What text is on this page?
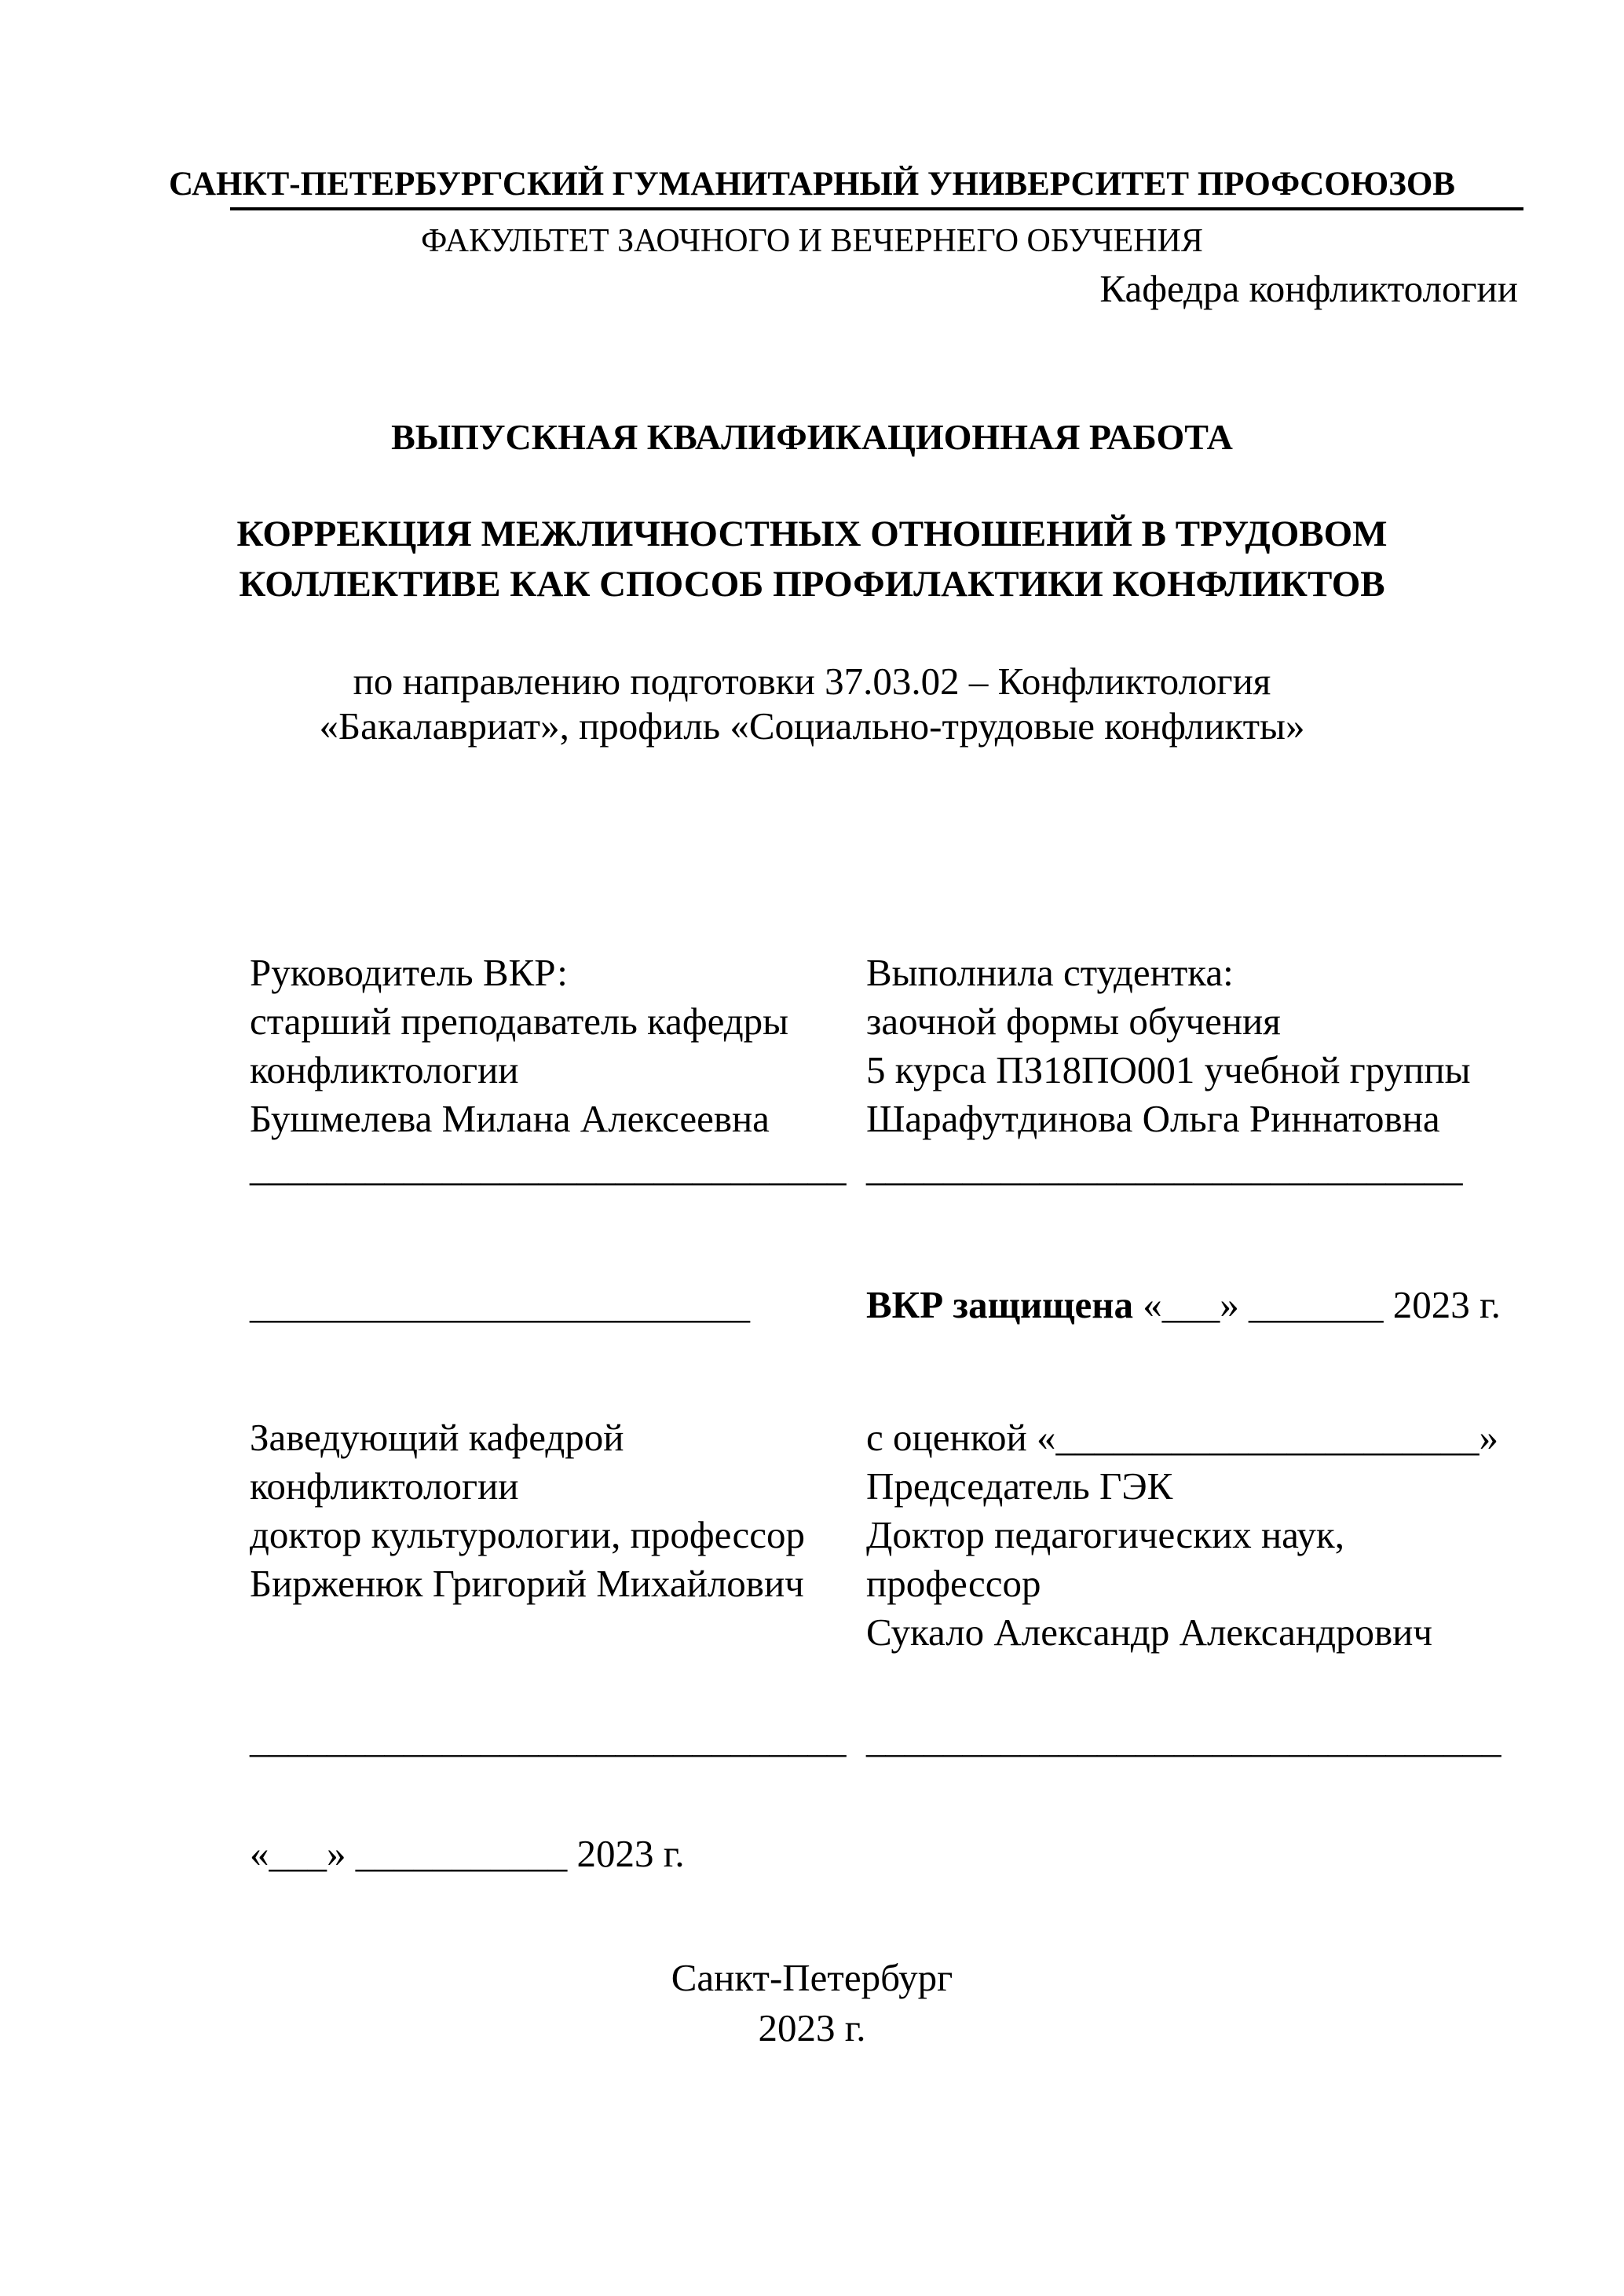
САНКТ-ПЕТЕРБУРГСКИЙ ГУМАНИТАРНЫЙ УНИВЕРСИТЕТ ПРОФСОЮЗОВ
ФАКУЛЬТЕТ ЗАОЧНОГО И ВЕЧЕРНЕГО ОБУЧЕНИЯ
Кафедра конфликтологии
ВЫПУСКНАЯ КВАЛИФИКАЦИОННАЯ РАБОТА
КОРРЕКЦИЯ МЕЖЛИЧНОСТНЫХ ОТНОШЕНИЙ В ТРУДОВОМ
КОЛЛЕКТИВЕ КАК СПОСОБ ПРОФИЛАКТИКИ КОНФЛИКТОВ
по направлению подготовки 37.03.02 – Конфликтология
«Бакалавриат», профиль «Социально-трудовые конфликты»
Руководитель ВКР:
старший преподаватель кафедры
конфликтологии
Бушмелева Милана Алексеевна
_______________________________
Выполнила студентка:
заочной формы обучения
5 курса ПЗ18ПО001 учебной группы
Шарафутдинова Ольга Риннатовна
_______________________________
__________________________	ВКР защищена «___» _______ 2023 г.
Заведующий кафедрой
конфликтологии
доктор культурологии, профессор
Бирженюк Григорий Михайлович
_______________________________
«___» ___________ 2023 г.
с оценкой «______________________»
Председатель ГЭК
Доктор педагогических наук,
профессор
Сукало Александр Александрович
_________________________________
Санкт-Петербург
2023 г.
